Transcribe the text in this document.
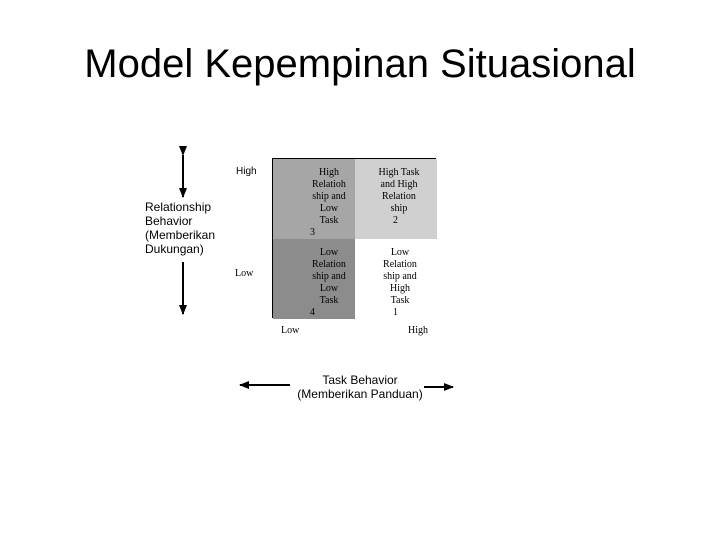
Model Kepempinan Situasional
Relationship
Behavior
(Memberikan
Dukungan)
High
Low
High
Relatioh
ship and
Low
Task
3
High Task
and High
Relation
ship
2
Low
Relation
ship and
Low
Task
4
Low
Relation
ship and
High
Task
1
Low	High
Task Behavior
(Memberikan Panduan)
